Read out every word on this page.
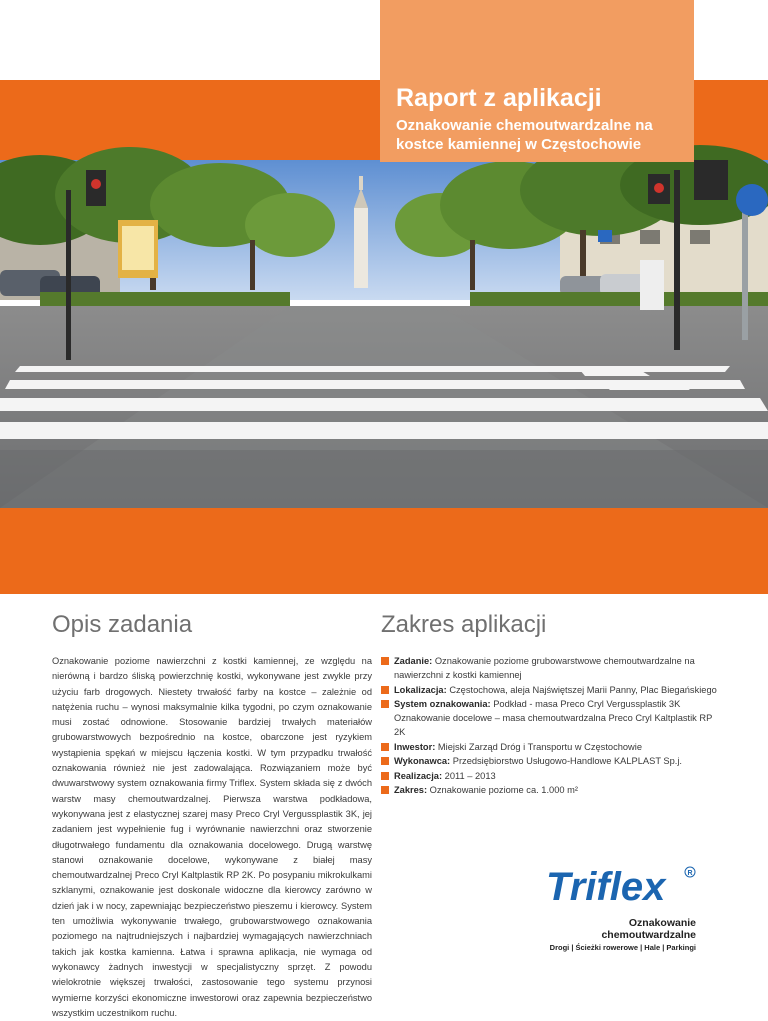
Raport z aplikacji
Oznakowanie chemoutwardzalne na
kostce kamiennej w Częstochowie
Opis zadania

Oznakowanie poziome nawierzchni z kostki kamiennej, ze względu na nierówną i bardzo śliską powierzchnię kostki, wykonywane jest zwykle przy użyciu farb drogowych. Niestety trwałość farby na kostce – zależnie od natężenia ruchu – wynosi maksymalnie kilka tygodni, po czym oznakowanie musi zostać odnowione. Stosowanie bardziej trwałych materiałów grubowarstwowych bezpośrednio na kostce, obarczone jest ryzykiem wystąpienia spękań w miejscu łączenia kostki. W tym przypadku trwałość oznakowania również nie jest zadowalająca. Rozwiązaniem może być dwuwarstwowy system oznakowania firmy Triflex. System składa się z dwóch warstw masy chemoutwardzalnej. Pierwsza warstwa podkładowa, wykonywana jest z elastycznej szarej masy Preco Cryl Vergussplastik 3K, jej zadaniem jest wypełnienie fug i wyrównanie nawierzchni oraz stworzenie długotrwałego fundamentu dla oznakowania docelowego. Drugą warstwę stanowi oznakowanie docelowe, wykonywane z białej masy chemoutwardzalnej Preco Cryl Kaltplastik RP 2K. Po posypaniu mikrokulkami szklanymi, oznakowanie jest doskonale widoczne dla kierowcy zarówno w dzień jak i w nocy, zapewniając bezpieczeństwo pieszemu i kierowcy. System ten umożliwia wykonywanie trwałego, grubowarstwowego oznakowania poziomego na najtrudniejszych i najbardziej wymagających nawierzchniach takich jak kostka kamienna. Łatwa i sprawna aplikacja, nie wymaga od wykonawcy żadnych inwestycji w specjalistyczny sprzęt. Z powodu wielokrotnie większej trwałości, zastosowanie tego systemu przynosi wymierne korzyści ekonomiczne inwestorowi oraz zapewnia bezpieczeństwo wszystkim uczestnikom ruchu.

Zakres aplikacji
Zadanie: Oznakowanie poziome grubowarstwowe chemoutwardzalne na nawierzchni z kostki kamiennej
Lokalizacja: Częstochowa, aleja Najświętszej Marii Panny, Plac Biegańskiego
System oznakowania: Podkład - masa Preco Cryl Vergussplastik 3K Oznakowanie docelowe – masa chemoutwardzalna Preco Cryl Kaltplastik RP 2K
Inwestor: Miejski Zarząd Dróg i Transportu w Częstochowie
Wykonawca: Przedsiębiorstwo Usługowo-Handlowe KALPLAST Sp.j.
Realizacja: 2011 – 2013
Zakres: Oznakowanie poziome ca. 1.000 m²
Triflex	R
Oznakowanie chemoutwardzalne
Drogi | Ścieżki rowerowe | Hale | Parkingi
